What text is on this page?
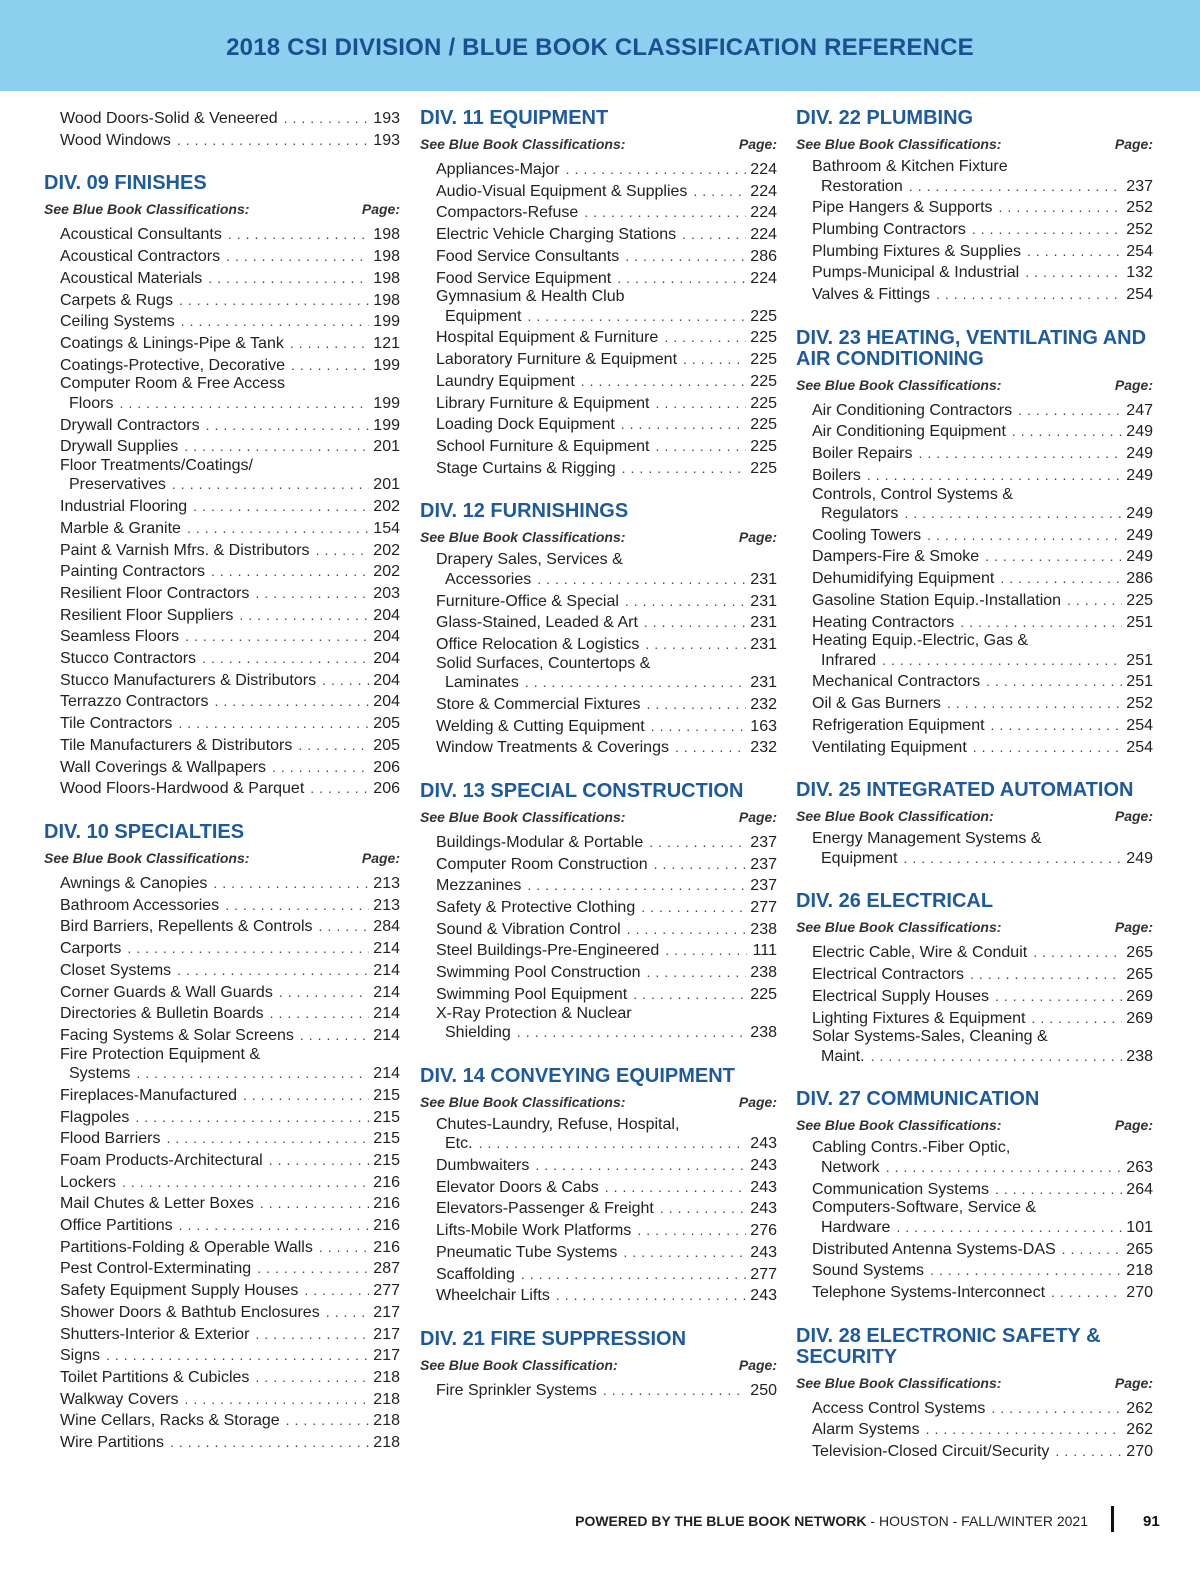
2018 CSI DIVISION / BLUE BOOK CLASSIFICATION REFERENCE
Wood Doors-Solid & Veneered .....	193
Wood Windows .....	193
DIV. 09 FINISHES
See Blue Book Classifications:	Page:
Acoustical Consultants .....	198
Acoustical Contractors .....	198
Acoustical Materials .....	198
Carpets & Rugs .....	198
Ceiling Systems .....	199
Coatings & Linings-Pipe & Tank .....	121
Coatings-Protective, Decorative .....	199
Computer Room & Free Access
Floors .....	199
Drywall Contractors .....	199
Drywall Supplies .....	201
Floor Treatments/Coatings/
Preservatives .....	201
Industrial Flooring .....	202
Marble & Granite .....	154
Paint & Varnish Mfrs. & Distributors .....	202
Painting Contractors .....	202
Resilient Floor Contractors .....	203
Resilient Floor Suppliers .....	204
Seamless Floors .....	204
Stucco Contractors .....	204
Stucco Manufacturers & Distributors .....	204
Terrazzo Contractors .....	204
Tile Contractors .....	205
Tile Manufacturers & Distributors .....	205
Wall Coverings & Wallpapers .....	206
Wood Floors-Hardwood & Parquet .....	206
DIV. 10 SPECIALTIES
See Blue Book Classifications:	Page:
Awnings & Canopies .....	213
Bathroom Accessories .....	213
Bird Barriers, Repellents & Controls .....	284
Carports .....	214
Closet Systems .....	214
Corner Guards & Wall Guards .....	214
Directories & Bulletin Boards .....	214
Facing Systems & Solar Screens .....	214
Fire Protection Equipment &
Systems .....	214
Fireplaces-Manufactured .....	215
Flagpoles .....	215
Flood Barriers .....	215
Foam Products-Architectural .....	215
Lockers .....	216
Mail Chutes & Letter Boxes .....	216
Office Partitions .....	216
Partitions-Folding & Operable Walls .....	216
Pest Control-Exterminating .....	287
Safety Equipment Supply Houses .....	277
Shower Doors & Bathtub Enclosures .....	217
Shutters-Interior & Exterior .....	217
Signs .....	217
Toilet Partitions & Cubicles .....	218
Walkway Covers .....	218
Wine Cellars, Racks & Storage .....	218
Wire Partitions .....	218
DIV. 11 EQUIPMENT
See Blue Book Classifications:	Page:
Appliances-Major .....	224
Audio-Visual Equipment & Supplies .....	224
Compactors-Refuse .....	224
Electric Vehicle Charging Stations .....	224
Food Service Consultants .....	286
Food Service Equipment .....	224
Gymnasium & Health Club
Equipment .....	225
Hospital Equipment & Furniture .....	225
Laboratory Furniture & Equipment .....	225
Laundry Equipment .....	225
Library Furniture & Equipment .....	225
Loading Dock Equipment .....	225
School Furniture & Equipment .....	225
Stage Curtains & Rigging .....	225
DIV. 12 FURNISHINGS
See Blue Book Classifications:	Page:
Drapery Sales, Services &
Accessories .....	231
Furniture-Office & Special .....	231
Glass-Stained, Leaded & Art .....	231
Office Relocation & Logistics .....	231
Solid Surfaces, Countertops &
Laminates .....	231
Store & Commercial Fixtures .....	232
Welding & Cutting Equipment .....	163
Window Treatments & Coverings .....	232
DIV. 13 SPECIAL CONSTRUCTION
See Blue Book Classifications:	Page:
Buildings-Modular & Portable .....	237
Computer Room Construction .....	237
Mezzanines .....	237
Safety & Protective Clothing .....	277
Sound & Vibration Control .....	238
Steel Buildings-Pre-Engineered .....	111
Swimming Pool Construction .....	238
Swimming Pool Equipment .....	225
X-Ray Protection & Nuclear
Shielding .....	238
DIV. 14 CONVEYING EQUIPMENT
See Blue Book Classifications:	Page:
Chutes-Laundry, Refuse, Hospital,
Etc. .....	243
Dumbwaiters .....	243
Elevator Doors & Cabs .....	243
Elevators-Passenger & Freight .....	243
Lifts-Mobile Work Platforms .....	276
Pneumatic Tube Systems .....	243
Scaffolding .....	277
Wheelchair Lifts .....	243
DIV. 21 FIRE SUPPRESSION
See Blue Book Classification:	Page:
Fire Sprinkler Systems .....	250
DIV. 22 PLUMBING
See Blue Book Classifications:	Page:
Bathroom & Kitchen Fixture
Restoration .....	237
Pipe Hangers & Supports .....	252
Plumbing Contractors .....	252
Plumbing Fixtures & Supplies .....	254
Pumps-Municipal & Industrial .....	132
Valves & Fittings .....	254
DIV. 23 HEATING, VENTILATING AND AIR CONDITIONING
See Blue Book Classifications:	Page:
Air Conditioning Contractors .....	247
Air Conditioning Equipment .....	249
Boiler Repairs .....	249
Boilers .....	249
Controls, Control Systems &
Regulators .....	249
Cooling Towers .....	249
Dampers-Fire & Smoke .....	249
Dehumidifying Equipment .....	286
Gasoline Station Equip.-Installation .....	225
Heating Contractors .....	251
Heating Equip.-Electric, Gas &
Infrared .....	251
Mechanical Contractors .....	251
Oil & Gas Burners .....	252
Refrigeration Equipment .....	254
Ventilating Equipment .....	254
DIV. 25 INTEGRATED AUTOMATION
See Blue Book Classification:	Page:
Energy Management Systems &
Equipment .....	249
DIV. 26 ELECTRICAL
See Blue Book Classifications:	Page:
Electric Cable, Wire & Conduit .....	265
Electrical Contractors .....	265
Electrical Supply Houses .....	269
Lighting Fixtures & Equipment .....	269
Solar Systems-Sales, Cleaning &
Maint. .....	238
DIV. 27 COMMUNICATION
See Blue Book Classifications:	Page:
Cabling Contrs.-Fiber Optic,
Network .....	263
Communication Systems .....	264
Computers-Software, Service &
Hardware .....	101
Distributed Antenna Systems-DAS .....	265
Sound Systems .....	218
Telephone Systems-Interconnect .....	270
DIV. 28 ELECTRONIC SAFETY & SECURITY
See Blue Book Classifications:	Page:
Access Control Systems .....	262
Alarm Systems .....	262
Television-Closed Circuit/Security .....	270
POWERED BY THE BLUE BOOK NETWORK - HOUSTON - FALL/WINTER 2021	91
